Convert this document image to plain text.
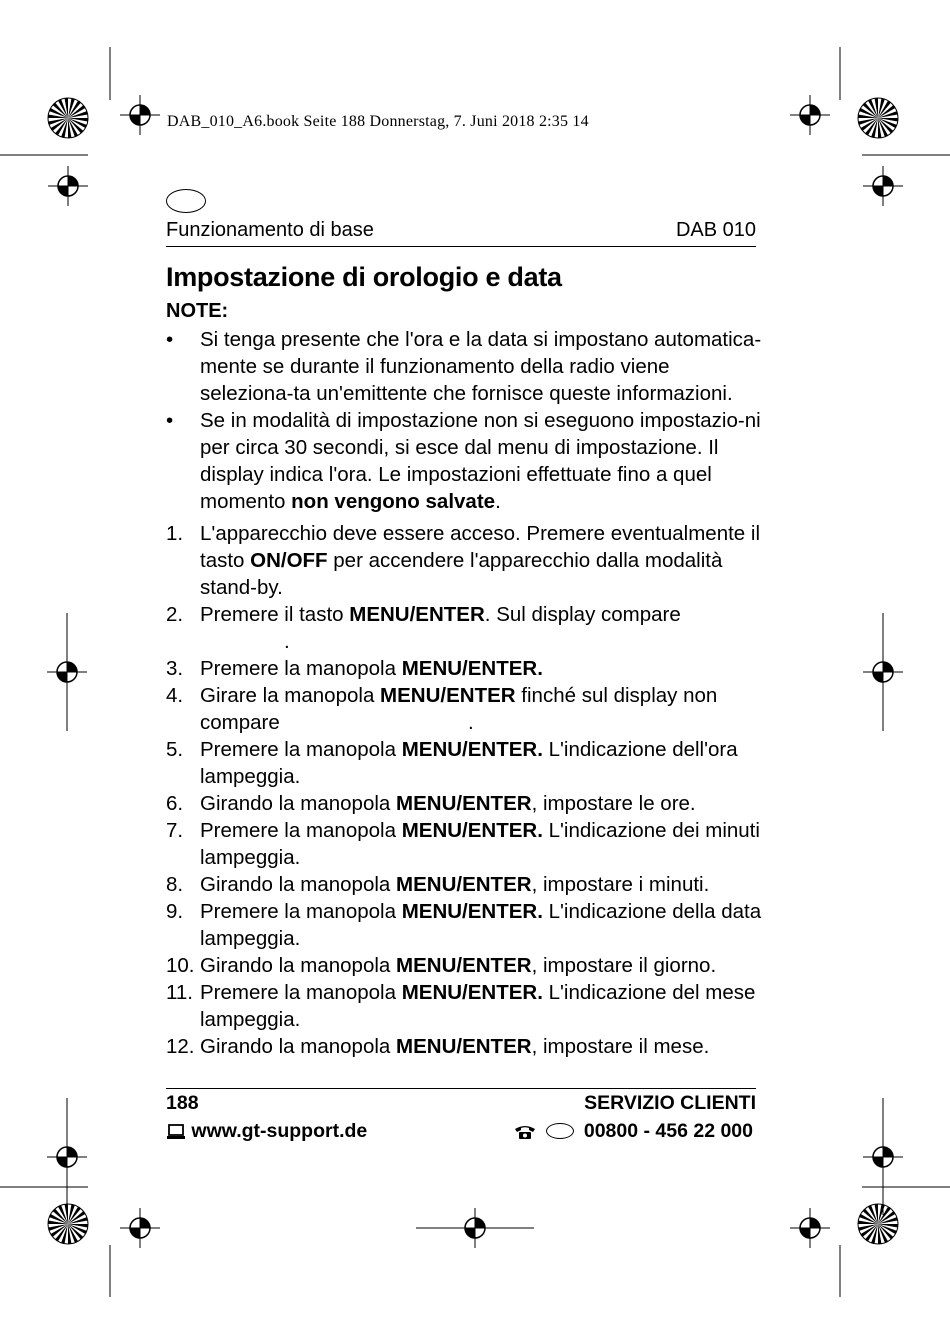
DAB_010_A6.book Seite 188 Donnerstag, 7. Juni 2018 2:35 14
Funzionamento di base	DAB 010
Impostazione di orologio e data
NOTE:
• Si tenga presente che l'ora e la data si impostano automatica-mente se durante il funzionamento della radio viene seleziona-ta un'emittente che fornisce queste informazioni.
• Se in modalità di impostazione non si eseguono impostazio-ni per circa 30 secondi, si esce dal menu di impostazione. Il display indica l'ora. Le impostazioni effettuate fino a quel momento non vengono salvate.
1. L'apparecchio deve essere acceso. Premere eventualmente il tasto ON/OFF per accendere l'apparecchio dalla modalità stand-by.
2. Premere il tasto MENU/ENTER. Sul display compare
.
3. Premere la manopola MENU/ENTER.
4. Girare la manopola MENU/ENTER finché sul display non compare	.
5. Premere la manopola MENU/ENTER. L'indicazione dell'ora lampeggia.
6. Girando la manopola MENU/ENTER, impostare le ore.
7. Premere la manopola MENU/ENTER. L'indicazione dei minuti lampeggia.
8. Girando la manopola MENU/ENTER, impostare i minuti.
9. Premere la manopola MENU/ENTER. L'indicazione della data lampeggia.
10. Girando la manopola MENU/ENTER, impostare il giorno.
11. Premere la manopola MENU/ENTER. L'indicazione del mese lampeggia.
12. Girando la manopola MENU/ENTER, impostare il mese.
188	SERVIZIO CLIENTI
www.gt-support.de	00800 - 456 22 000
